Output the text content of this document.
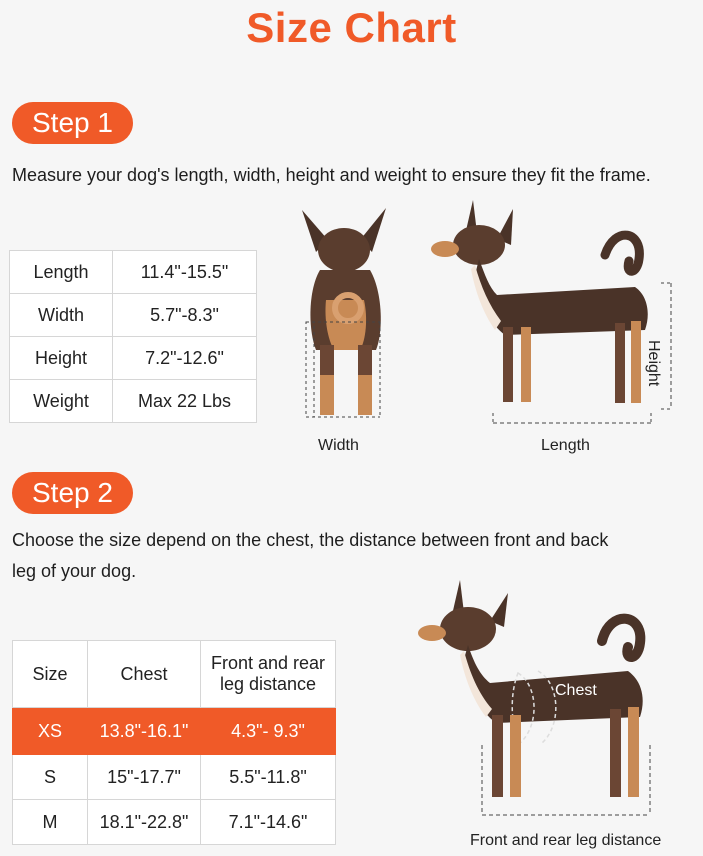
Size Chart
Step 1
Measure your dog's length, width, height and weight to ensure they fit the frame.
Length	11.4"-15.5"
Width	5.7"-8.3"
Height	7.2"-12.6"
Weight	Max 22 Lbs
Width	Length
Height
Step 2
Choose the size depend on the chest, the distance between front and back
leg of your dog.
Size	Chest	Front and rear
leg distance

XS	13.8"-16.1"	4.3"- 9.3"
S	15"-17.7"	5.5"-11.8"
M	18.1"-22.8"	7.1"-14.6"
Chest
Front and rear leg distance
